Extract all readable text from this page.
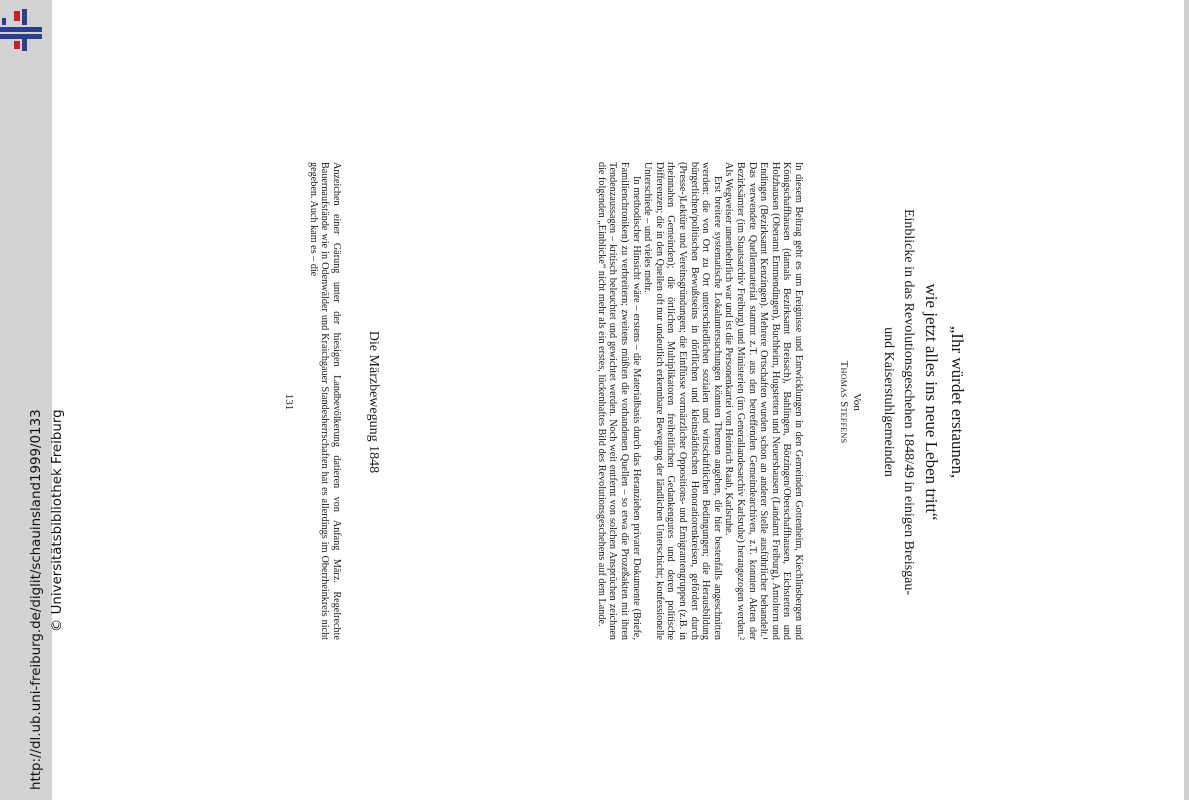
http://dl.ub.uni-freiburg.de/diglit/schauinsland1999/0133 © Universitätsbibliothek Freiburg
„Ihr würdet erstaunen,
wie jetzt alles ins neue Leben tritt“
Einblicke in das Revolutionsgeschehen 1848/49 in einigen Breisgau-
und Kaiserstuhlgemeinden
Von
Thomas Steffens

In diesem Beitrag geht es um Ereignisse und Entwicklungen in den Gemeinden Gottenheim, Kiechlinsbergen und Königschaffhausen (damals Bezirksamt Breisach), Bahlingen, Bötzingen/Oberschaffhausen, Eichstetten und Holzhausen (Oberamt Emmendingen), Buchheim, Hugstetten und Neuershausen (Landamt Freiburg), Amoltern und Endingen (Bezirksamt Kenzingen). Mehrere Ortschaften wurden schon an anderer Stelle ausführlicher behandelt.¹ Das verwendete Quellenmaterial stammt z.T. aus den betreffenden Gemeindearchiven, z.T. konnten Akten der Bezirksämter (im Staatsarchiv Freiburg) und Ministerien (im Generallandesarchiv Karlsruhe) herangezogen werden.² Als Wegweiser unentbehrlich war und ist die Personenkartei von Heinrich Raab, Karlsruhe.

Erst breitere systematische Lokaluntersuchungen könnten Themen angehen, die hier bestenfalls angeschnitten werden: die von Ort zu Ort unterschiedlichen sozialen und wirtschaftlichen Bedingungen; die Herausbildung bürgerlichen/politischen Bewußtseins in dörflichen und kleinstädtischen Honoratiorenkreisen, gefördert durch (Presse-)Lektüre und Vereinsgründungen; die Einflüsse vormärzlicher Oppositions- und Emigrantengruppen (z.B. in rheinnahen Gemeinden); die örtlichen Multiplikatoren freiheitlichen Gedankengutes und deren politische Differenzen; die in den Quellen oft nur undeutlich erkennbare Bewegung der ländlichen Unterschicht; konfessionelle Unterschiede – und vieles mehr.

In methodischer Hinsicht wäre – erstens – die Materialbasis durch das Heranziehen privater Dokumente (Briefe, Familienchroniken) zu verbreitern; zweitens müßten die vorhandenen Quellen – so etwa die Prozeßakten mit ihren Tendenzaussagen – kritisch beleuchtet und gewichtet werden. Noch weit entfernt von solchen Ansprüchen zeichnen die folgenden „Einblicke“ nicht mehr als ein erstes, lückenhaftes Bild des Revolutionsgeschehens auf dem Lande.

Die Märzbewegung 1848

Anzeichen einer Gärung unter der hiesigen Landbevölkerung datieren von Anfang März. Regelrechte Bauernaufstände wie in Odenwälder und Kraichgauer Standesherrschaften hat es allerdings im Oberrheinkreis nicht gegeben. Auch kam es – die

131
